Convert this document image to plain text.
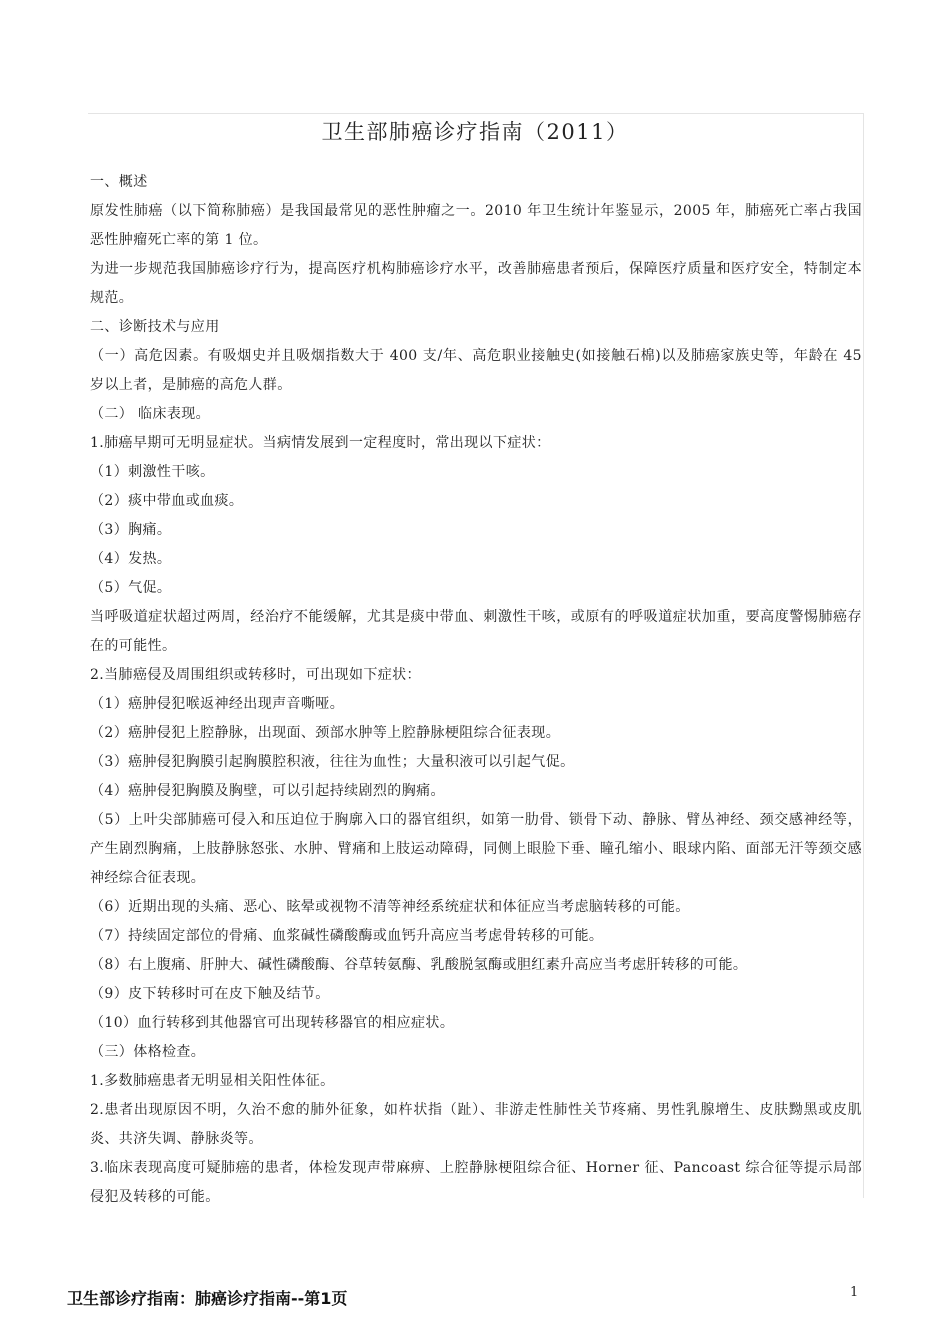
卫生部肺癌诊疗指南（2011）

一、概述

原发性肺癌（以下简称肺癌）是我国最常见的恶性肿瘤之一。2010 年卫生统计年鉴显示，2005 年，肺癌死亡率占我国恶性肿瘤死亡率的第 1 位。

为进一步规范我国肺癌诊疗行为，提高医疗机构肺癌诊疗水平，改善肺癌患者预后，保障医疗质量和医疗安全，特制定本规范。

二、诊断技术与应用

（一）高危因素。有吸烟史并且吸烟指数大于 400 支/年、高危职业接触史(如接触石棉)以及肺癌家族史等，年龄在 45 岁以上者，是肺癌的高危人群。

（二） 临床表现。

1.肺癌早期可无明显症状。当病情发展到一定程度时，常出现以下症状：

（1）刺激性干咳。

（2）痰中带血或血痰。

（3）胸痛。

（4）发热。

（5）气促。

当呼吸道症状超过两周，经治疗不能缓解，尤其是痰中带血、刺激性干咳，或原有的呼吸道症状加重，要高度警惕肺癌存在的可能性。

2.当肺癌侵及周围组织或转移时，可出现如下症状：

（1）癌肿侵犯喉返神经出现声音嘶哑。

（2）癌肿侵犯上腔静脉，出现面、颈部水肿等上腔静脉梗阻综合征表现。

（3）癌肿侵犯胸膜引起胸膜腔积液，往往为血性；大量积液可以引起气促。

（4）癌肿侵犯胸膜及胸壁，可以引起持续剧烈的胸痛。

（5）上叶尖部肺癌可侵入和压迫位于胸廓入口的器官组织，如第一肋骨、锁骨下动、静脉、臂丛神经、颈交感神经等，产生剧烈胸痛，上肢静脉怒张、水肿、臂痛和上肢运动障碍，同侧上眼脸下垂、瞳孔缩小、眼球内陷、面部无汗等颈交感神经综合征表现。

（6）近期出现的头痛、恶心、眩晕或视物不清等神经系统症状和体征应当考虑脑转移的可能。

（7）持续固定部位的骨痛、血浆碱性磷酸酶或血钙升高应当考虑骨转移的可能。

（8）右上腹痛、肝肿大、碱性磷酸酶、谷草转氨酶、乳酸脱氢酶或胆红素升高应当考虑肝转移的可能。

（9）皮下转移时可在皮下触及结节。

（10）血行转移到其他器官可出现转移器官的相应症状。

（三）体格检查。

1.多数肺癌患者无明显相关阳性体征。

2.患者出现原因不明，久治不愈的肺外征象，如杵状指（趾）、非游走性肺性关节疼痛、男性乳腺增生、皮肤黝黑或皮肌炎、共济失调、静脉炎等。

3.临床表现高度可疑肺癌的患者，体检发现声带麻痹、上腔静脉梗阻综合征、Horner 征、Pancoast 综合征等提示局部侵犯及转移的可能。

卫生部诊疗指南：肺癌诊疗指南--第1页	1
